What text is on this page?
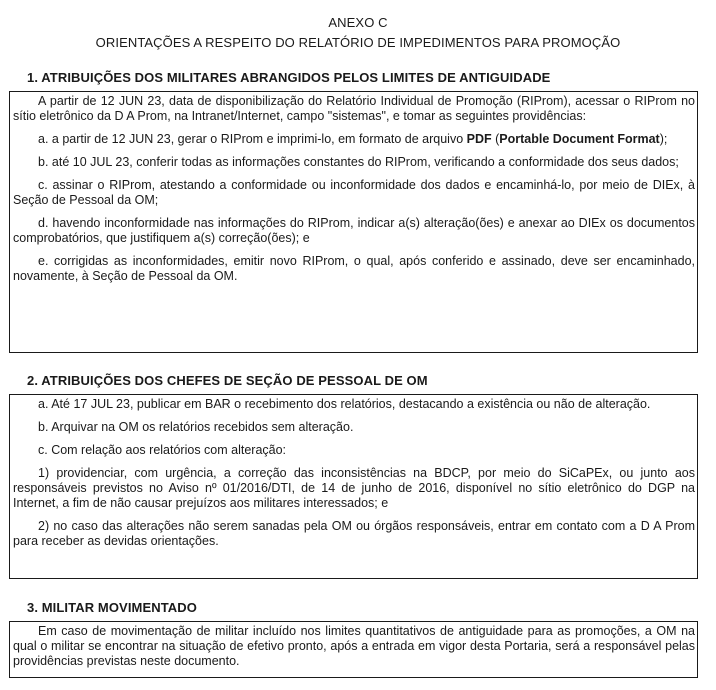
ANEXO C
ORIENTAÇÕES A RESPEITO DO RELATÓRIO DE IMPEDIMENTOS PARA PROMOÇÃO
1. ATRIBUIÇÕES DOS MILITARES ABRANGIDOS PELOS LIMITES DE ANTIGUIDADE

A partir de 12 JUN 23, data de disponibilização do Relatório Individual de Promoção (RIProm), acessar o RIProm no sítio eletrônico da D A Prom, na Intranet/Internet, campo "sistemas", e tomar as seguintes providências:

a. a partir de 12 JUN 23, gerar o RIProm e imprimi-lo, em formato de arquivo PDF (Portable Document Format);

b. até 10 JUL 23, conferir todas as informações constantes do RIProm, verificando a conformidade dos seus dados;

c. assinar o RIProm, atestando a conformidade ou inconformidade dos dados e encaminhá-lo, por meio de DIEx, à Seção de Pessoal da OM;

d. havendo inconformidade nas informações do RIProm, indicar a(s) alteração(ões) e anexar ao DIEx os documentos comprobatórios, que justifiquem a(s) correção(ões); e

e. corrigidas as inconformidades, emitir novo RIProm, o qual, após conferido e assinado, deve ser encaminhado, novamente, à Seção de Pessoal da OM.

2. ATRIBUIÇÕES DOS CHEFES DE SEÇÃO DE PESSOAL DE OM

a. Até 17 JUL 23, publicar em BAR o recebimento dos relatórios, destacando a existência ou não de alteração.

b. Arquivar na OM os relatórios recebidos sem alteração.

c. Com relação aos relatórios com alteração:

1) providenciar, com urgência, a correção das inconsistências na BDCP, por meio do SiCaPEx, ou junto aos responsáveis previstos no Aviso nº 01/2016/DTI, de 14 de junho de 2016, disponível no sítio eletrônico do DGP na Internet, a fim de não causar prejuízos aos militares interessados; e

2) no caso das alterações não serem sanadas pela OM ou órgãos responsáveis, entrar em contato com a D A Prom para receber as devidas orientações.

3. MILITAR MOVIMENTADO

Em caso de movimentação de militar incluído nos limites quantitativos de antiguidade para as promoções, a OM na qual o militar se encontrar na situação de efetivo pronto, após a entrada em vigor desta Portaria, será a responsável pelas providências previstas neste documento.
